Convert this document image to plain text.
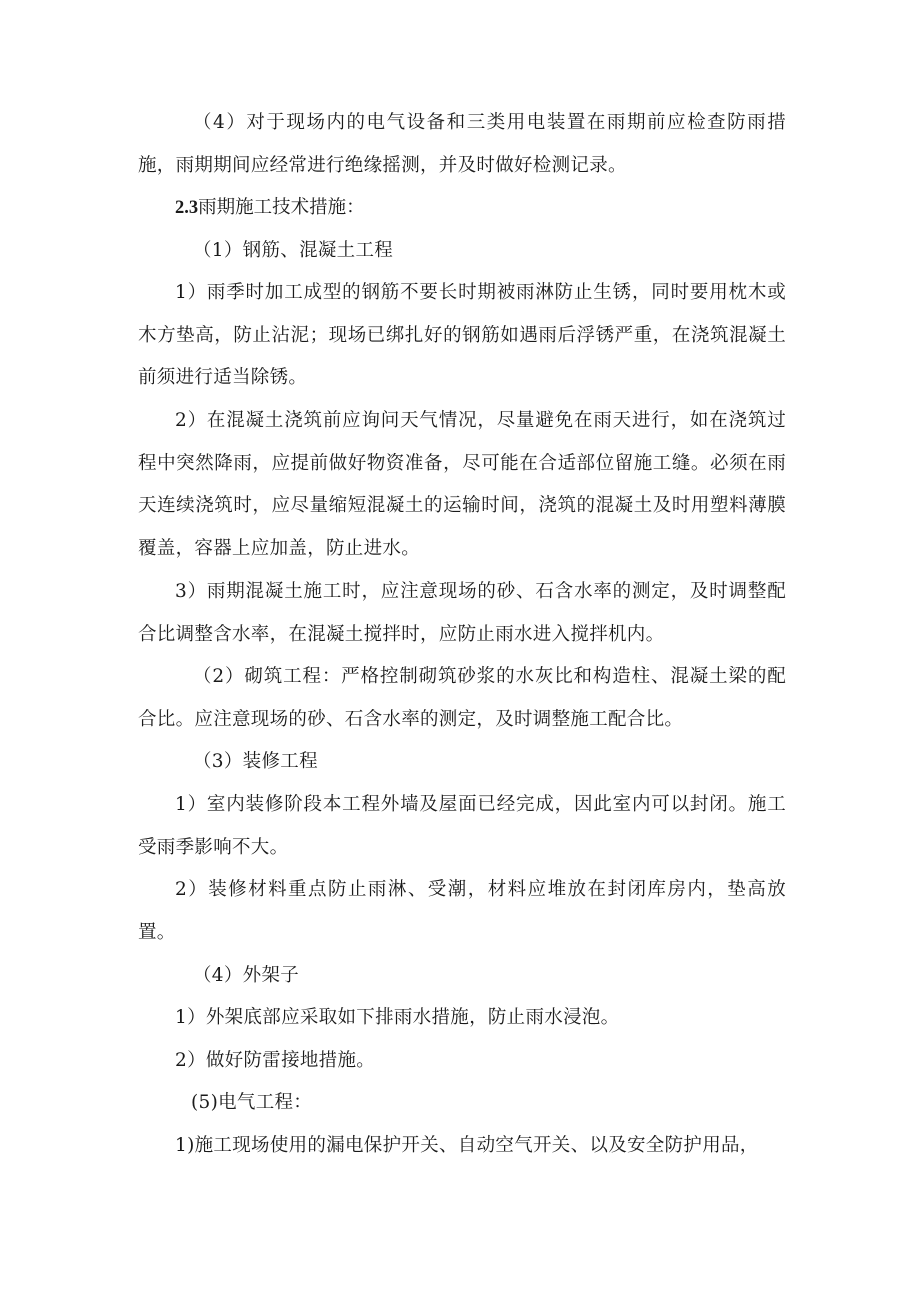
（4）对于现场内的电气设备和三类用电装置在雨期前应检查防雨措施，雨期期间应经常进行绝缘摇测，并及时做好检测记录。

2.3雨期施工技术措施：

（1）钢筋、混凝土工程

1）雨季时加工成型的钢筋不要长时期被雨淋防止生锈，同时要用枕木或木方垫高，防止沾泥；现场已绑扎好的钢筋如遇雨后浮锈严重，在浇筑混凝土前须进行适当除锈。

2）在混凝土浇筑前应询问天气情况，尽量避免在雨天进行，如在浇筑过程中突然降雨，应提前做好物资准备，尽可能在合适部位留施工缝。必须在雨天连续浇筑时，应尽量缩短混凝土的运输时间，浇筑的混凝土及时用塑料薄膜覆盖，容器上应加盖，防止进水。

3）雨期混凝土施工时，应注意现场的砂、石含水率的测定，及时调整配合比调整含水率，在混凝土搅拌时，应防止雨水进入搅拌机内。

（2）砌筑工程：严格控制砌筑砂浆的水灰比和构造柱、混凝土梁的配合比。应注意现场的砂、石含水率的测定，及时调整施工配合比。

（3）装修工程

1）室内装修阶段本工程外墙及屋面已经完成，因此室内可以封闭。施工受雨季影响不大。

2）装修材料重点防止雨淋、受潮，材料应堆放在封闭库房内，垫高放置。

（4）外架子

1）外架底部应采取如下排雨水措施，防止雨水浸泡。

2）做好防雷接地措施。

(5)电气工程：

1)施工现场使用的漏电保护开关、自动空气开关、以及安全防护用品，
